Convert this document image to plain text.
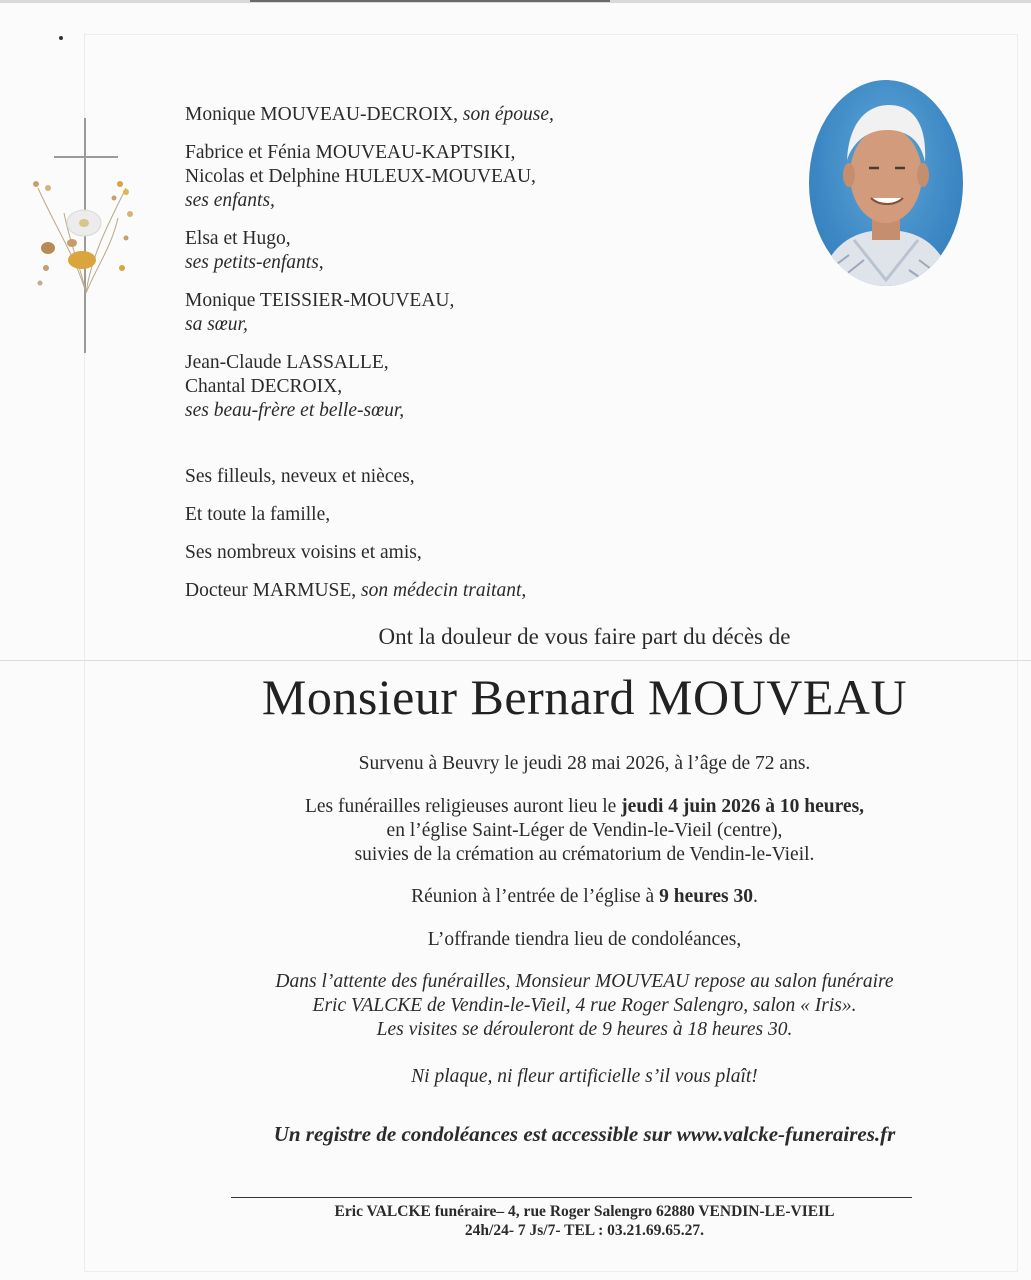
Monique MOUVEAU-DECROIX, son épouse,
Fabrice et Fénia MOUVEAU-KAPTSIKI,
Nicolas et Delphine HULEUX-MOUVEAU,
ses enfants,
Elsa et Hugo,
ses petits-enfants,
Monique TEISSIER-MOUVEAU,
sa sœur,
Jean-Claude LASSALLE,
Chantal DECROIX,
ses beau-frère et belle-sœur,
Ses filleuls, neveux et nièces,
Et toute la famille,
Ses nombreux voisins et amis,
Docteur MARMUSE, son médecin traitant,
Ont la douleur de vous faire part du décès de
Monsieur Bernard MOUVEAU
Survenu à Beuvry le jeudi 28 mai 2026, à l’âge de 72 ans.
Les funérailles religieuses auront lieu le jeudi 4 juin 2026 à 10 heures,
en l’église Saint-Léger de Vendin-le-Vieil (centre),
suivies de la crémation au crématorium de Vendin-le-Vieil.
Réunion à l’entrée de l’église à 9 heures 30.
L’offrande tiendra lieu de condoléances,
Dans l’attente des funérailles, Monsieur MOUVEAU repose au salon funéraire
Eric VALCKE de Vendin-le-Vieil, 4 rue Roger Salengro, salon « Iris».
Les visites se dérouleront de 9 heures à 18 heures 30.
Ni plaque, ni fleur artificielle s’il vous plaît!
Un registre de condoléances est accessible sur www.valcke-funeraires.fr
Eric VALCKE funéraire– 4, rue Roger Salengro 62880 VENDIN-LE-VIEIL
24h/24- 7 Js/7- TEL : 03.21.69.65.27.
